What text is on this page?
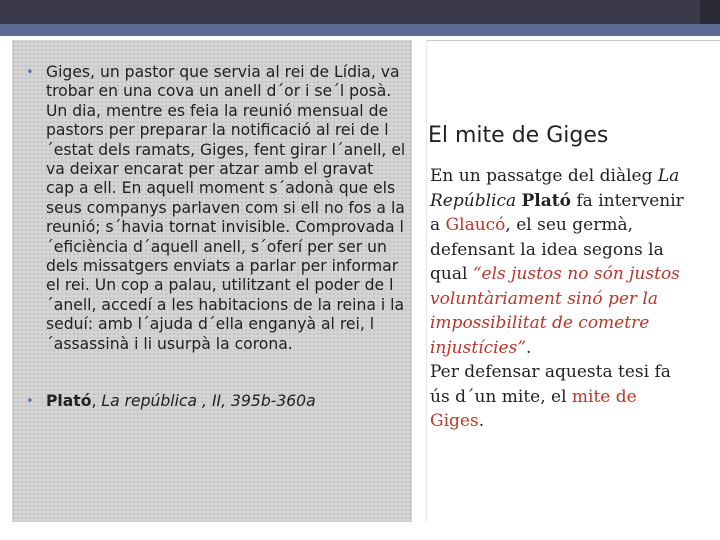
• Giges, un pastor que servia al rei de Lídia, va trobar en una cova un anell d´or i se´l posà. Un dia, mentre es feia la reunió mensual de pastors per preparar la notificació al rei de l´estat dels ramats, Giges, fent girar l´anell, el va deixar encarat per atzar amb el gravat cap a ell. En aquell moment s´adonà que els seus companys parlaven com si ell no fos a la reunió; s´havia tornat invisible. Comprovada l´eficiència d´aquell anell, s´oferí per ser un dels missatgers enviats a parlar per informar el rei. Un cop a palau, utilitzant el poder de l´anell, accedí a les habitacions de la reina i la seduí: amb l´ajuda d´ella enganyà al rei, l´assassinà i li usurpà la corona.
• Plató, La república , II, 395b-360a
El mite de Giges
En un passatge del diàleg La República Plató fa intervenir a Glaucó, el seu germà, defensant la idea segons la qual “els justos no són justos voluntàriament sinó per la impossibilitat de cometre injustícies”.
Per defensar aquesta tesi fa ús d´un mite, el mite de Giges.
